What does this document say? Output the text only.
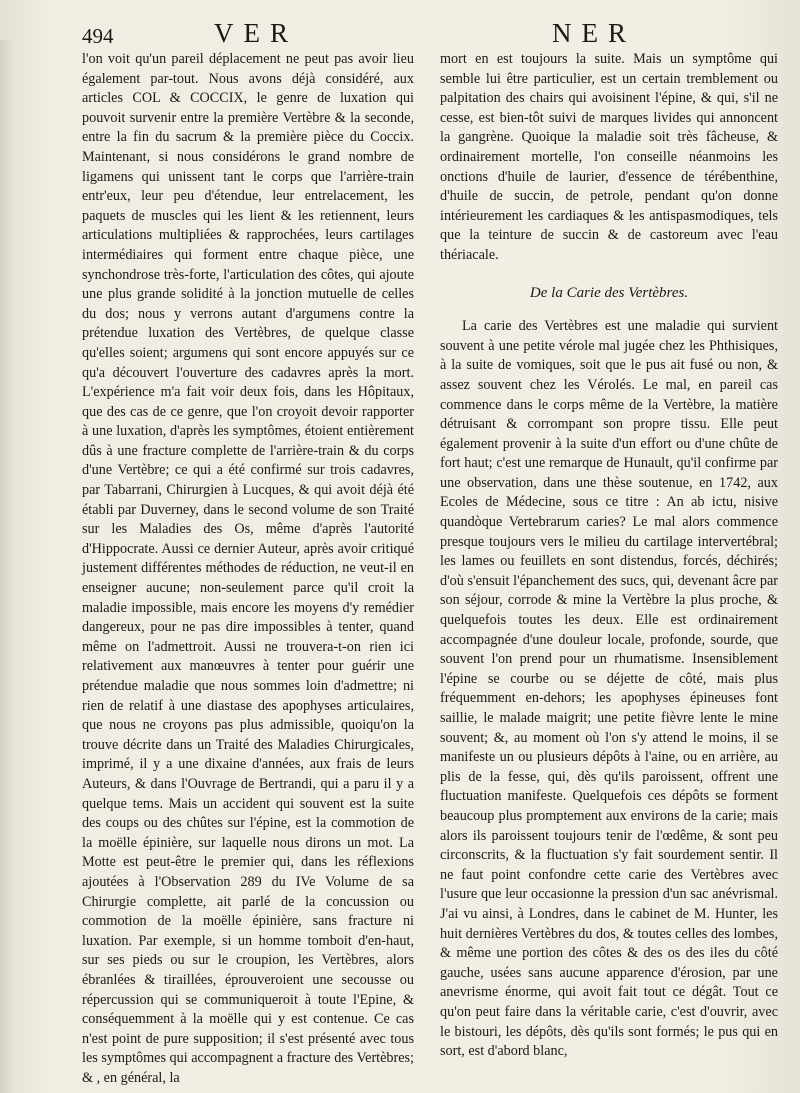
494	VER	NER

l'on voit qu'un pareil déplacement ne peut pas avoir lieu également par-tout. Nous avons déjà considéré, aux articles COL & COCCIX, le genre de luxation qui pouvoit survenir entre la première Vertèbre & la seconde, entre la fin du sacrum & la première pièce du Coccix. Maintenant, si nous considérons le grand nombre de ligamens qui unissent tant le corps que l'arrière-train entr'eux, leur peu d'étendue, leur entrelacement, les paquets de muscles qui les lient & les retiennent, leurs articulations multipliées & rapprochées, leurs cartilages intermédiaires qui forment entre chaque pièce, une synchondrose très-forte, l'articulation des côtes, qui ajoute une plus grande solidité à la jonction mutuelle de celles du dos; nous y verrons autant d'argumens contre la prétendue luxation des Vertèbres, de quelque classe qu'elles soient; argumens qui sont encore appuyés sur ce qu'a découvert l'ouverture des cadavres après la mort. L'expérience m'a fait voir deux fois, dans les Hôpitaux, que des cas de ce genre, que l'on croyoit devoir rapporter à une luxation, d'après les symptômes, étoient entièrement dûs à une fracture complette de l'arrière-train & du corps d'une Vertèbre; ce qui a été confirmé sur trois cadavres, par Tabarrani, Chirurgien à Lucques, & qui avoit déjà été établi par Duverney, dans le second volume de son Traité sur les Maladies des Os, même d'après l'autorité d'Hippocrate. Aussi ce dernier Auteur, après avoir critiqué justement différentes méthodes de réduction, ne veut-il en enseigner aucune; non-seulement parce qu'il croit la maladie impossible, mais encore les moyens d'y remédier dangereux, pour ne pas dire impossibles à tenter, quand même on l'admettroit. Aussi ne trouvera-t-on rien ici relativement aux manœuvres à tenter pour guérir une prétendue maladie que nous sommes loin d'admettre; ni rien de relatif à une diastase des apophyses articulaires, que nous ne croyons pas plus admissible, quoiqu'on la trouve décrite dans un Traité des Maladies Chirurgicales, imprimé, il y a une dixaine d'années, aux frais de leurs Auteurs, & dans l'Ouvrage de Bertrandi, qui a paru il y a quelque tems. Mais un accident qui souvent est la suite des coups ou des chûtes sur l'épine, est la commotion de la moëlle épinière, sur laquelle nous dirons un mot. La Motte est peut-être le premier qui, dans les réflexions ajoutées à l'Observation 289 du IVe Volume de sa Chirurgie complette, ait parlé de la concussion ou commotion de la moëlle épinière, sans fracture ni luxation. Par exemple, si un homme tomboit d'en-haut, sur ses pieds ou sur le croupion, les Vertèbres, alors ébranlées & tiraillées, éprouveroient une secousse ou répercussion qui se communiqueroit à toute l'Epine, & conséquemment à la moëlle qui y est contenue. Ce cas n'est point de pure supposition; il s'est présenté avec tous les symptômes qui accompagnent a fracture des Vertèbres; & , en général, la

mort en est toujours la suite. Mais un symptôme qui semble lui être particulier, est un certain tremblement ou palpitation des chairs qui avoisinent l'épine, & qui, s'il ne cesse, est bien-tôt suivi de marques livides qui annoncent la gangrène. Quoique la maladie soit très fâcheuse, & ordinairement mortelle, l'on conseille néanmoins les onctions d'huile de laurier, d'essence de térébenthine, d'huile de succin, de petrole, pendant qu'on donne intérieurement les cardiaques & les antispasmodiques, tels que la teinture de succin & de castoreum avec l'eau thériacale.

De la Carie des Vertèbres.

La carie des Vertèbres est une maladie qui survient souvent à une petite vérole mal jugée chez les Phthisiques, à la suite de vomiques, soit que le pus ait fusé ou non, & assez souvent chez les Vérolés. Le mal, en pareil cas commence dans le corps même de la Vertèbre, la matière détruisant & corrompant son propre tissu. Elle peut également provenir à la suite d'un effort ou d'une chûte de fort haut; c'est une remarque de Hunault, qu'il confirme par une observation, dans une thèse soutenue, en 1742, aux Ecoles de Médecine, sous ce titre : An ab ictu, nisive quandòque Vertebrarum caries? Le mal alors commence presque toujours vers le milieu du cartilage intervertébral; les lames ou feuillets en sont distendus, forcés, déchirés; d'où s'ensuit l'épanchement des sucs, qui, devenant âcre par son séjour, corrode & mine la Vertèbre la plus proche, & quelquefois toutes les deux. Elle est ordinairement accompagnée d'une douleur locale, profonde, sourde, que souvent l'on prend pour un rhumatisme. Insensiblement l'épine se courbe ou se déjette de côté, mais plus fréquemment en-dehors; les apophyses épineuses font saillie, le malade maigrit; une petite fièvre lente le mine souvent; &, au moment où l'on s'y attend le moins, il se manifeste un ou plusieurs dépôts à l'aine, ou en arrière, au plis de la fesse, qui, dès qu'ils paroissent, offrent une fluctuation manifeste. Quelquefois ces dépôts se forment beaucoup plus promptement aux environs de la carie; mais alors ils paroissent toujours tenir de l'œdême, & sont peu circonscrits, & la fluctuation s'y fait sourdement sentir. Il ne faut point confondre cette carie des Vertèbres avec l'usure que leur occasionne la pression d'un sac anévrismal. J'ai vu ainsi, à Londres, dans le cabinet de M. Hunter, les huit dernières Vertèbres du dos, & toutes celles des lombes, & même une portion des côtes & des os des iles du côté gauche, usées sans aucune apparence d'érosion, par une anevrisme énorme, qui avoit fait tout ce dégât. Tout ce qu'on peut faire dans la véritable carie, c'est d'ouvrir, avec le bistouri, les dépôts, dès qu'ils sont formés; le pus qui en sort, est d'abord blanc,
